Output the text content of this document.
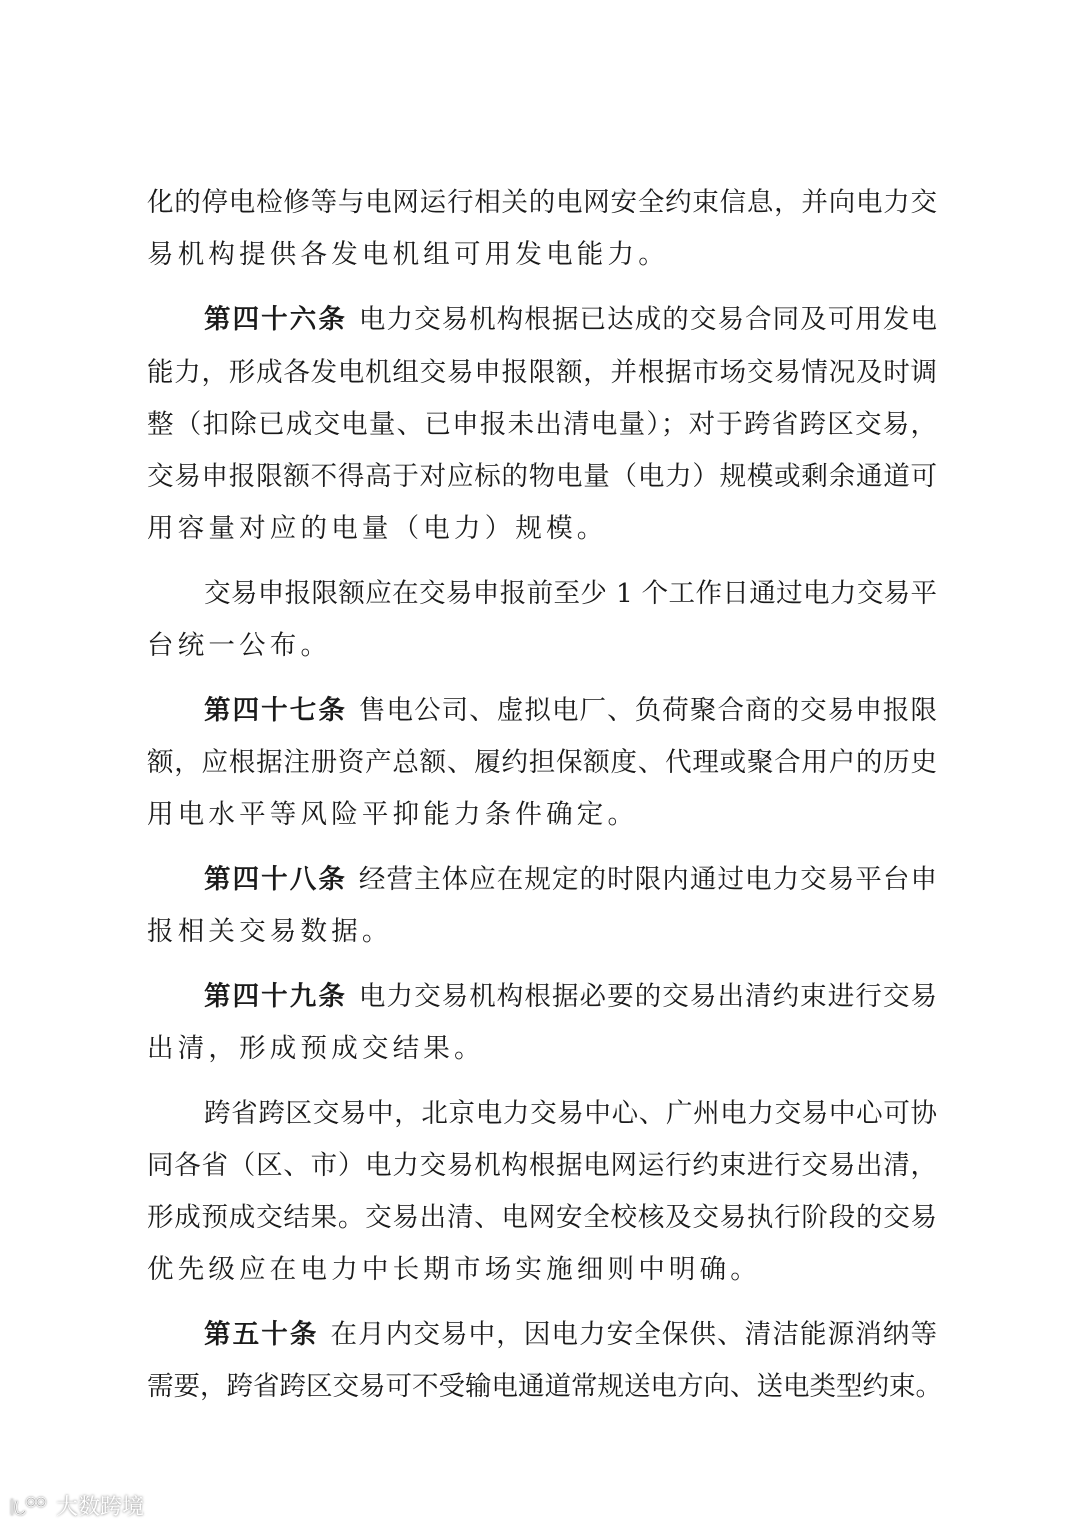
化的停电检修等与电网运行相关的电网安全约束信息，并向电力交
易机构提供各发电机组可用发电能力。
第四十六条 电力交易机构根据已达成的交易合同及可用发电
能力，形成各发电机组交易申报限额，并根据市场交易情况及时调
整（扣除已成交电量、已申报未出清电量）；对于跨省跨区交易，
交易申报限额不得高于对应标的物电量（电力）规模或剩余通道可
用容量对应的电量（电力）规模。
交易申报限额应在交易申报前至少 1 个工作日通过电力交易平
台统一公布。
第四十七条 售电公司、虚拟电厂、负荷聚合商的交易申报限
额，应根据注册资产总额、履约担保额度、代理或聚合用户的历史
用电水平等风险平抑能力条件确定。
第四十八条 经营主体应在规定的时限内通过电力交易平台申
报相关交易数据。
第四十九条 电力交易机构根据必要的交易出清约束进行交易
出清，形成预成交结果。
跨省跨区交易中，北京电力交易中心、广州电力交易中心可协
同各省（区、市）电力交易机构根据电网运行约束进行交易出清，
形成预成交结果。交易出清、电网安全校核及交易执行阶段的交易
优先级应在电力中长期市场实施细则中明确。
第五十条 在月内交易中，因电力安全保供、清洁能源消纳等
需要，跨省跨区交易可不受输电通道常规送电方向、送电类型约束。
大数跨境
